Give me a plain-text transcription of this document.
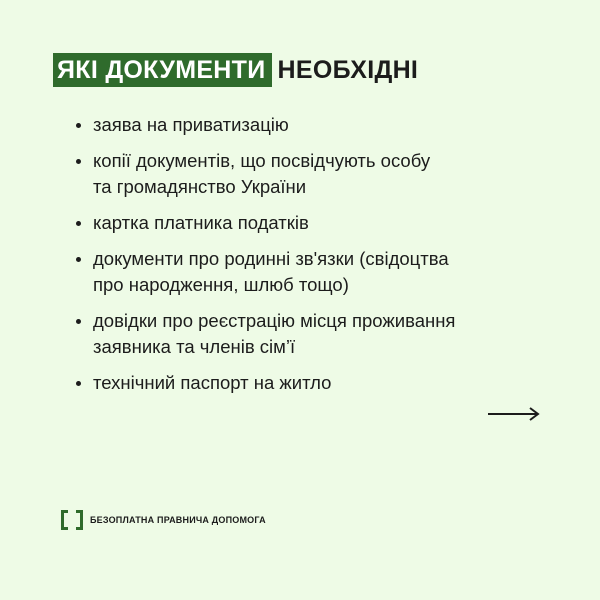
ЯКІ ДОКУМЕНТИ НЕОБХІДНІ
заява на приватизацію
копії документів, що посвідчують особу
та громадянство України
картка платника податків
документи про родинні зв'язки (свідоцтва
про народження, шлюб тощо)
довідки про реєстрацію місця проживання
заявника та членів сім’ї
технічний паспорт на житло
БЕЗОПЛАТНА ПРАВНИЧА ДОПОМОГА
